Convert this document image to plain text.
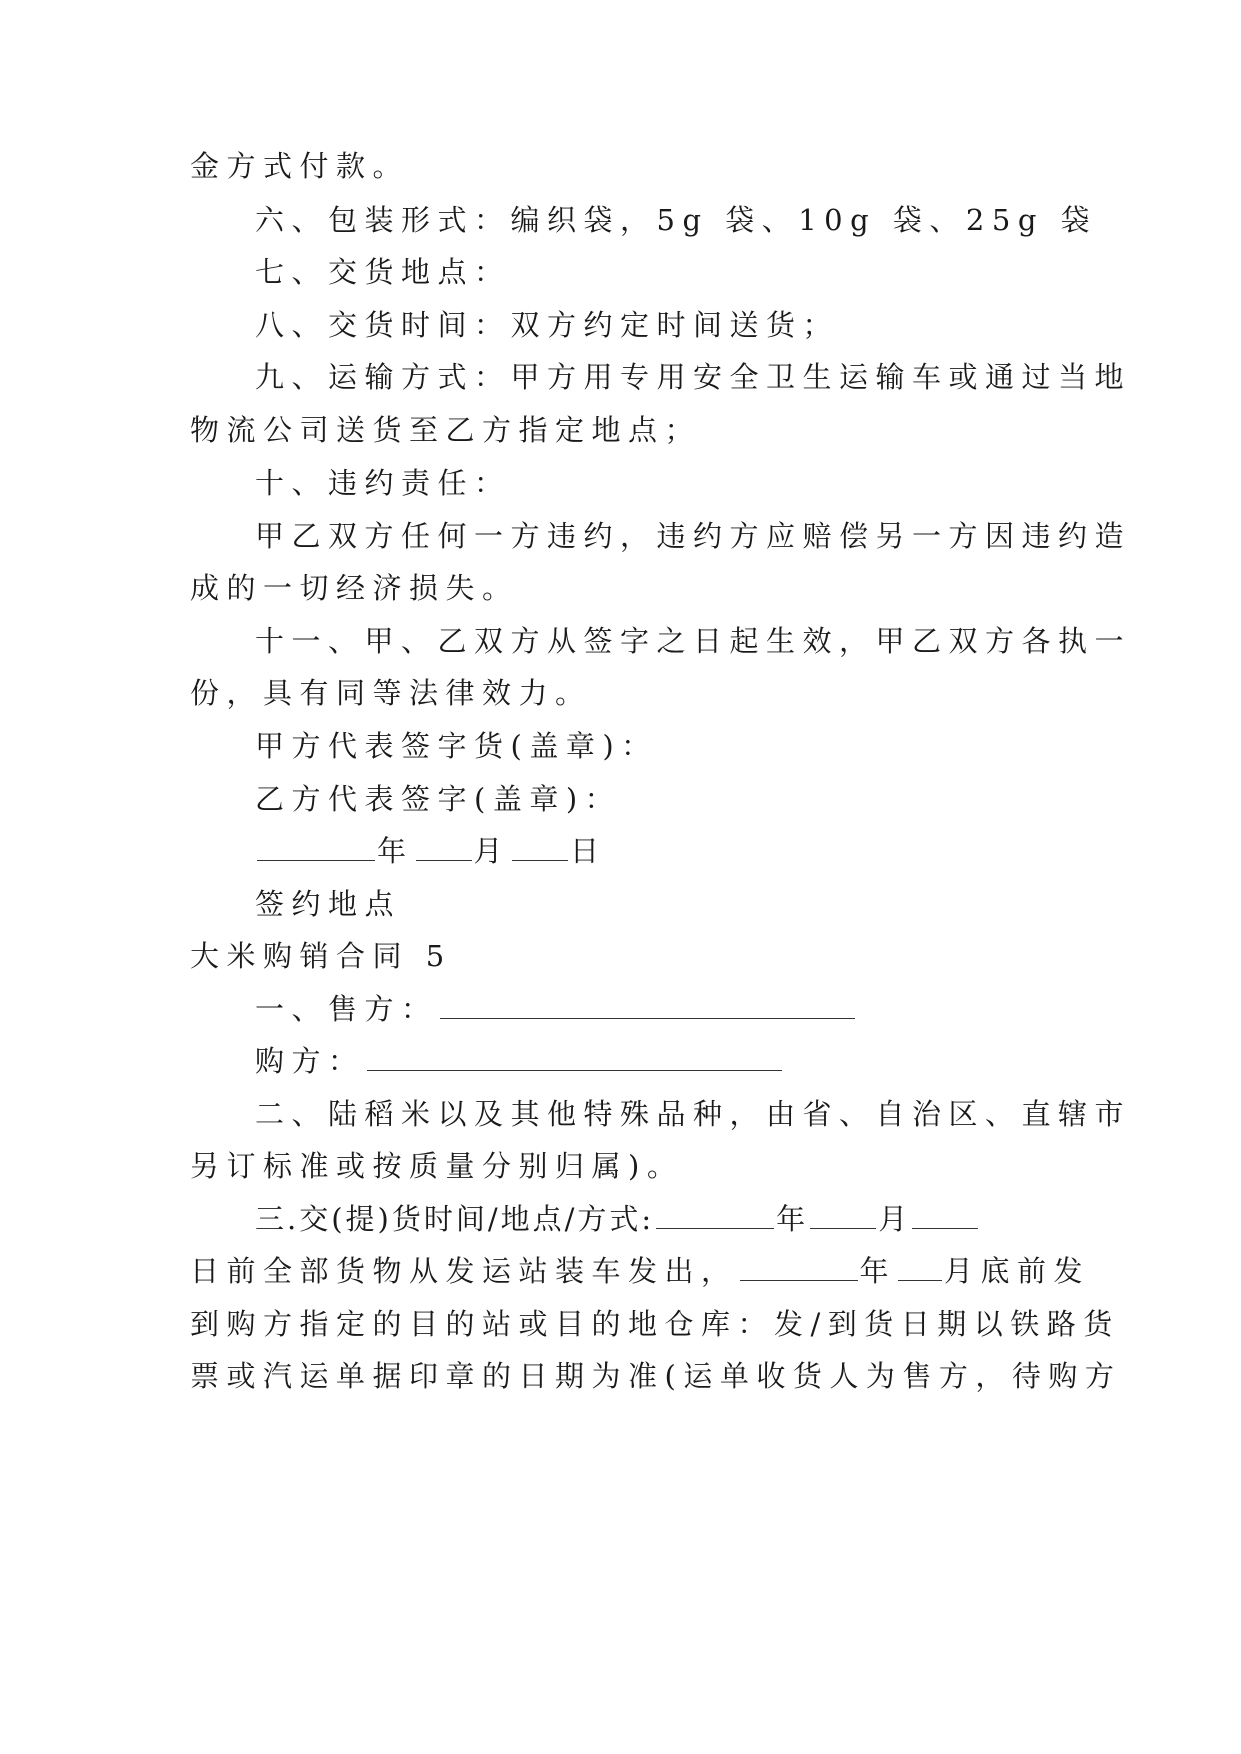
金方式付款。
六、包装形式：编织袋，5g 袋、10g 袋、25g 袋
七、交货地点：
八、交货时间：双方约定时间送货；
九、运输方式：甲方用专用安全卫生运输车或通过当地
物流公司送货至乙方指定地点；
十、违约责任：
甲乙双方任何一方违约，违约方应赔偿另一方因违约造
成的一切经济损失。
十一、甲、乙双方从签字之日起生效，甲乙双方各执一
份，具有同等法律效力。
甲方代表签字货(盖章)：
乙方代表签字(盖章)：
年 月 日
签约地点
大米购销合同 5
一、售方：
购方：
二、陆稻米以及其他特殊品种，由省、自治区、直辖市
另订标准或按质量分别归属)。
三.交(提)货时间/地点/方式:	年 月
日前全部货物从发运站装车发出，	年 月底前发
到购方指定的目的站或目的地仓库：发/到货日期以铁路货
票或汽运单据印章的日期为准(运单收货人为售方，待购方
